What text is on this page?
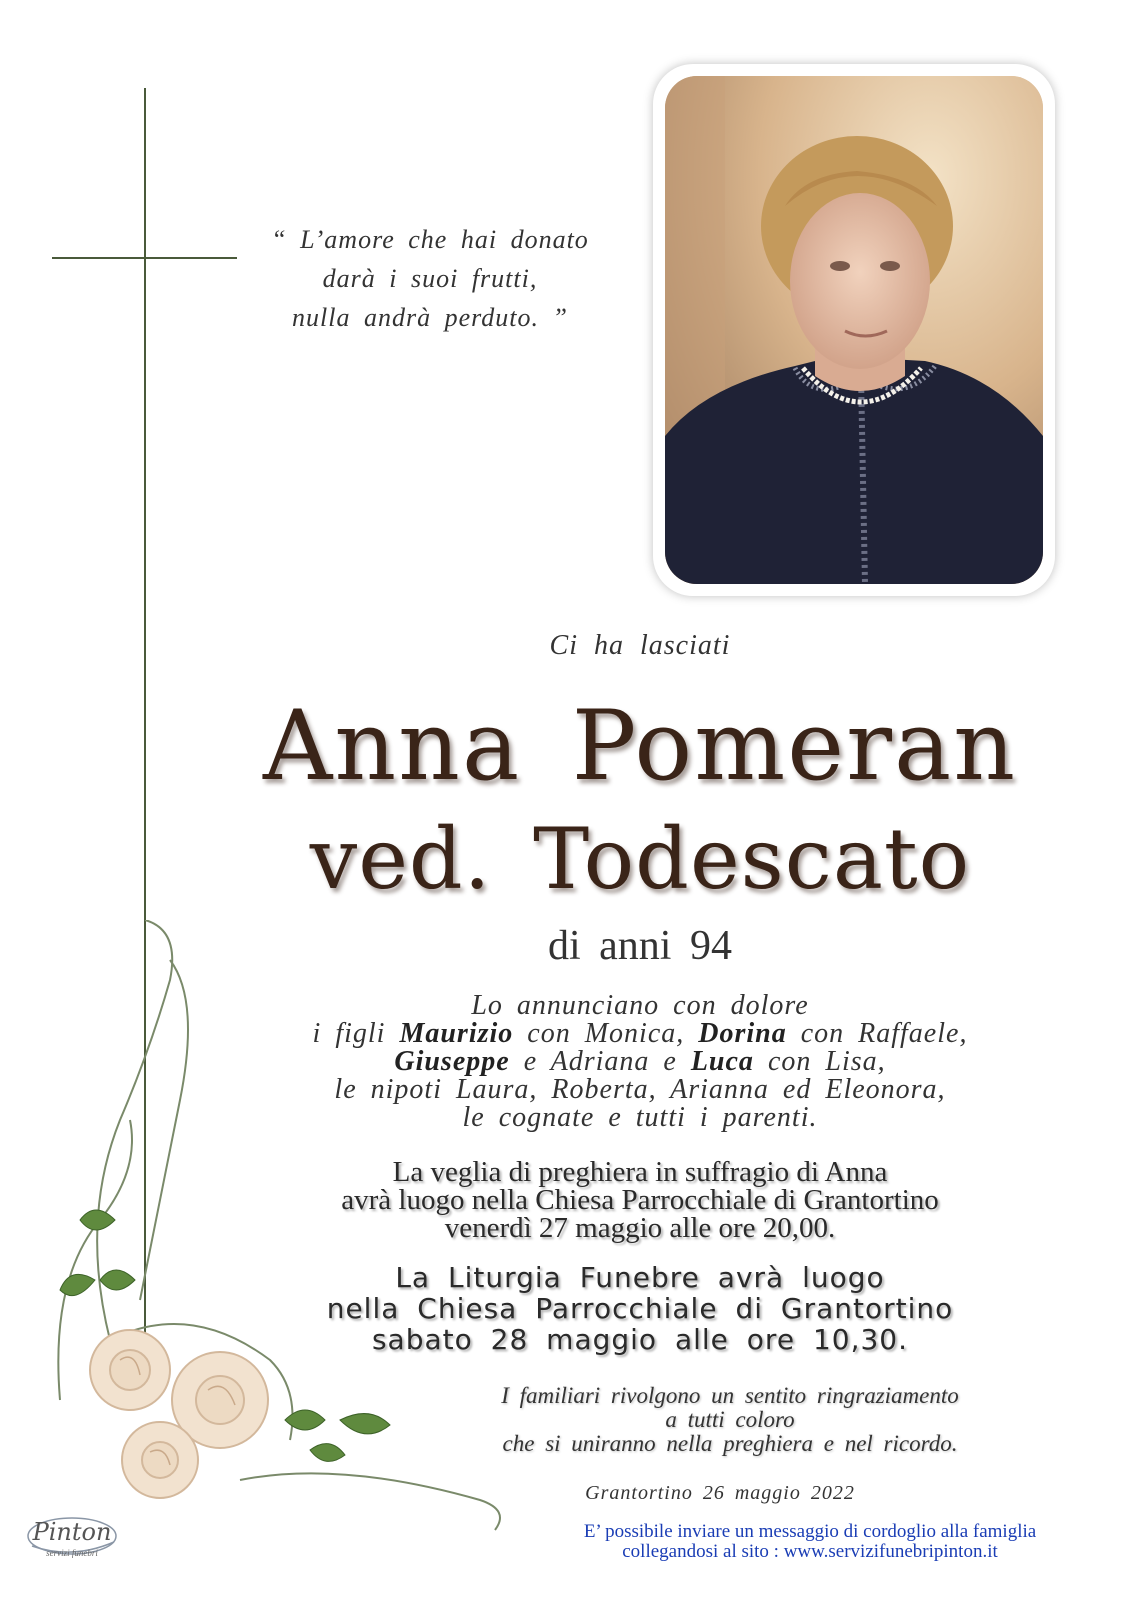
“ L’amore che hai donato
darà i suoi frutti,
nulla andrà perduto. ”
Ci ha lasciati
Anna Pomeran
ved. Todescato
di anni 94
Lo annunciano con dolore
i figli Maurizio con Monica, Dorina con Raffaele,
Giuseppe e Adriana e Luca con Lisa,
le nipoti Laura, Roberta, Arianna ed Eleonora,
le cognate e tutti i parenti.
La veglia di preghiera in suffragio di Anna
avrà luogo nella Chiesa Parrocchiale di Grantortino
venerdì 27 maggio alle ore 20,00.
La Liturgia Funebre avrà luogo
nella Chiesa Parrocchiale di Grantortino
sabato 28 maggio alle ore 10,30.
I familiari rivolgono un sentito ringraziamento
a tutti coloro
che si uniranno nella preghiera e nel ricordo.
Grantortino 26 maggio 2022
E’ possibile inviare un messaggio di cordoglio alla famiglia
collegandosi al sito : www.servizifunebripinton.it
Pinton
servizi funebri
